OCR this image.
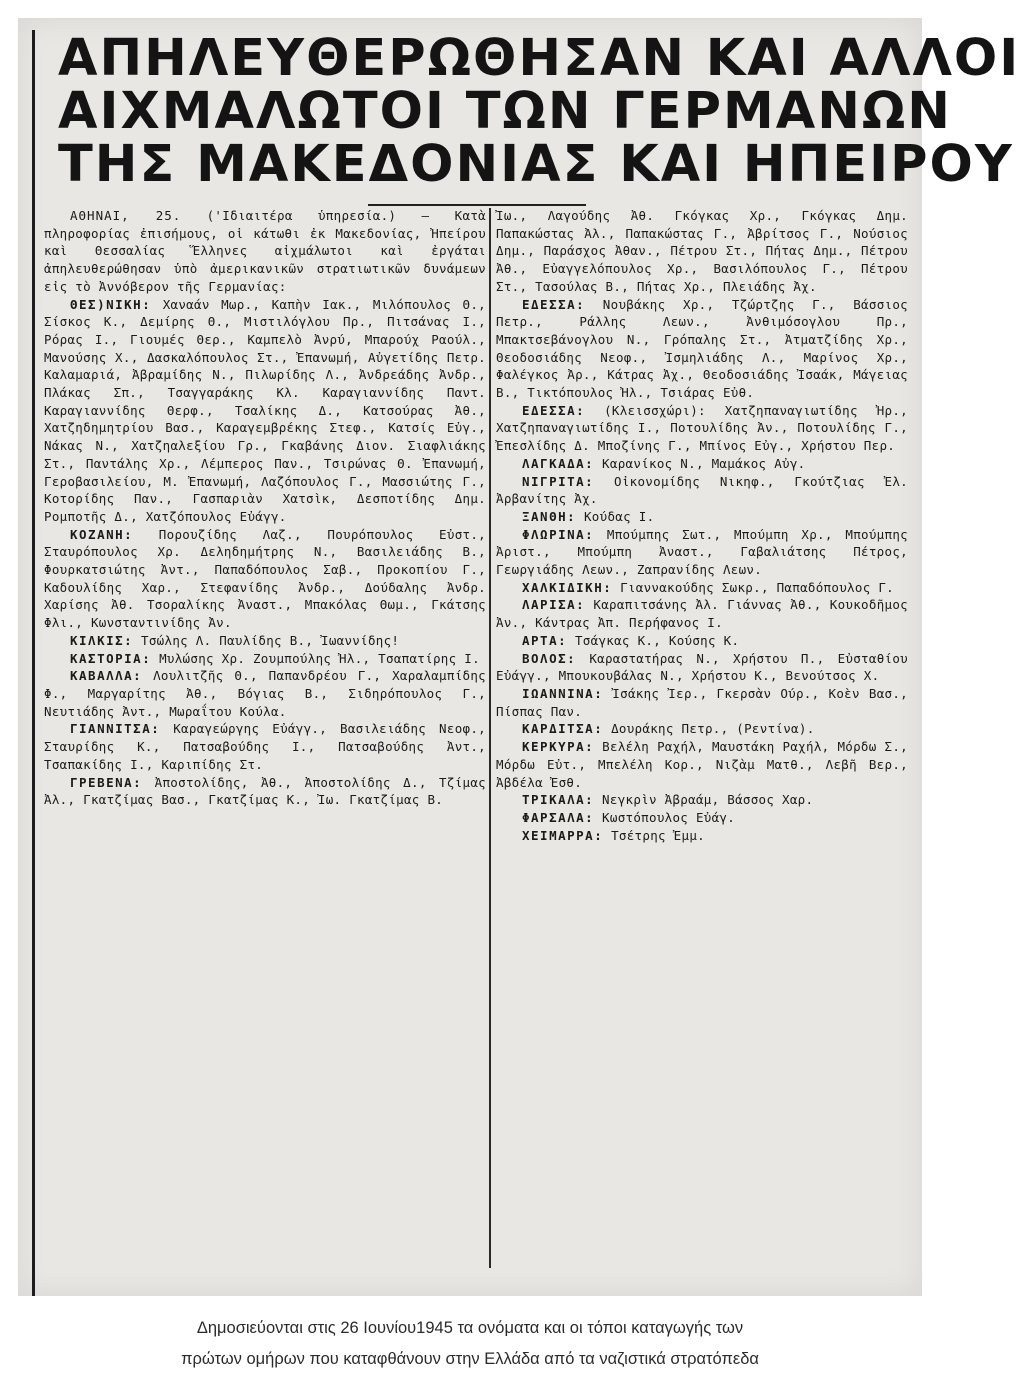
ΑΠΗΛΕΥΘΕΡΩΘΗΣΑΝ ΚΑΙ ΑΛΛΟΙ
ΑΙΧΜΑΛΩΤΟΙ ΤΩΝ ΓΕΡΜΑΝΩΝ
ΤΗΣ ΜΑΚΕΔΟΝΙΑΣ ΚΑΙ ΗΠΕΙΡΟΥ

ΑΘΗΝΑΙ, 25. ('Ιδιαιτέρα ὑπηρεσία.) — Κατὰ πληροφορίας ἐπισήμους, οἱ κάτωθι ἐκ Μακεδονίας, Ἠπείρου καὶ Θεσσαλίας Ἕλληνες αἰχμάλωτοι καὶ ἐργάται ἀπηλευθερώθησαν ὑπὸ ἀμερικανικῶν στρατιωτικῶν δυνάμεων εἰς τὸ Ἀννόβερον τῆς Γερμανίας:

ΘΕΣ)ΝΙΚΗ: Χαναάν Μωρ., Καπὴν Ιακ., Μιλόπουλος Θ., Σίσκος Κ., Δεμίρης Θ., Μιστιλόγλου Πρ., Πιτσάνας Ι., Ρόρας Ι., Γιουμές Θερ., Καμπελὸ Ἀνρύ, Μπαρούχ Ραούλ., Μανούσης Χ., Δασκαλόπουλος Στ., Ἐπανωμή, Αὐγετίδης Πετρ. Καλαμαριά, Ἀβραμίδης Ν., Πιλωρίδης Λ., Ἀνδρεάδης Ἀνδρ., Πλάκας Σπ., Τσαγγαράκης Κλ. Καραγιαννίδης Παντ. Καραγιαννίδης Θερφ., Τσαλίκης Δ., Κατσούρας Ἀθ., Χατζηδημητρίου Βασ., Καραγεμβρέκης Στεφ., Κατσίς Εὐγ., Νάκας Ν., Χατζηαλεξίου Γρ., Γκαβάνης Διον. Σιαφλιάκης Στ., Παντάλης Χρ., Λέμπερος Παν., Τσιρώνας Θ. Ἐπανωμή, Γεροβασιλείου, Μ. Ἐπανωμή, Λαζόπουλος Γ., Μασσιώτης Γ., Κοτορίδης Παν., Γασπαριὰν Χατσὶκ, Δεσποτίδης Δημ. Ρομποτῆς Δ., Χατζόπουλος Εὐάγγ.

ΚΟΖΑΝΗ: Πορουζίδης Λαζ., Πουρόπουλος Εὐστ., Σταυρόπουλος Χρ. Δεληδημήτρης Ν., Βασιλειάδης Β., Φουρκατσιώτης Ἀντ., Παπαδόπουλος Σαβ., Προκοπίου Γ., Καδουλίδης Χαρ., Στεφανίδης Ἀνδρ., Δούδαλης Ἀνδρ. Χαρίσης Ἀθ. Τσοραλίκης Ἀναστ., Μπακόλας Θωμ., Γκάτσης Φλι., Κωνσταντινίδης Ἀν.

ΚΙΛΚΙΣ: Τσώλης Λ. Παυλίδης Β., Ἰωαννίδης!

ΚΑΣΤΟΡΙΑ: Μυλώσης Χρ. Ζουμπούλης Ἠλ., Τσαπατίρης Ι.

ΚΑΒΑΛΛΑ: Λουλιτζῆς Θ., Παπανδρέου Γ., Χαραλαμπίδης Φ., Μαργαρίτης Ἀθ., Βόγιας Β., Σιδηρόπουλος Γ., Νευτιάδης Ἀντ., Μωραΐτου Κούλα.

ΓΙΑΝΝΙΤΣΑ: Καραγεώργης Εὐάγγ., Βασιλειάδης Νεοφ., Σταυρίδης Κ., Πατσαβούδης Ι., Πατσαβούδης Ἀντ., Τσαπακίδης Ι., Καριπίδης Στ.

ΓΡΕΒΕΝΑ: Ἀποστολίδης, Ἀθ., Ἀποστολίδης Δ., Τζίμας Ἀλ., Γκατζίμας Βασ., Γκατζίμας Κ., Ἰω. Γκατζίμας Β.

Ἰω., Λαγούδης Ἀθ. Γκόγκας Χρ., Γκόγκας Δημ. Παπακώστας Ἀλ., Παπακώστας Γ., Ἀβρίτσος Γ., Νούσιος Δημ., Παράσχος Ἀθαν., Πέτρου Στ., Πήτας Δημ., Πέτρου Ἀθ., Εὐαγγελόπουλος Χρ., Βασιλόπουλος Γ., Πέτρου Στ., Τασούλας Β., Πήτας Χρ., Πλειάδης Ἀχ.

ΕΔΕΣΣΑ: Νουβάκης Χρ., Τζώρτζης Γ., Βάσσιος Πετρ., Ράλλης Λεων., Ἀνθιμόσογλου Πρ., Μπακτσεβάνογλου Ν., Γρόπαλης Στ., Ἀτματζίδης Χρ., Θεοδοσιάδης Νεοφ., Ἰσμηλιάδης Λ., Μαρίνος Χρ., Φαλέγκος Ἀρ., Κάτρας Ἀχ., Θεοδοσιάδης Ἰσαάκ, Μάγειας Β., Τικτόπουλος Ἠλ., Τσιάρας Εὐθ.

ΕΔΕΣΣΑ: (Κλεισσχώρι): Χατζηπαναγιωτίδης Ἠρ., Χατζηπαναγιωτίδης Ι., Ποτουλίδης Ἀν., Ποτουλίδης Γ., Ἐπεσλίδης Δ. Μποζίνης Γ., Μπίνος Εὐγ., Χρήστου Περ.

ΛΑΓΚΑΔΑ: Καρανίκος Ν., Μαμάκος Αὐγ.

ΝΙΓΡΙΤΑ: Οἰκονομίδης Νικηφ., Γκούτζιας Ἐλ. Ἀρβανίτης Ἀχ.

ΞΑΝΘΗ: Κούδας Ι.

ΦΛΩΡΙΝΑ: Μπούμπης Σωτ., Μπούμπη Χρ., Μπούμπης Ἀριστ., Μπούμπη Ἀναστ., Γαβαλιάτσης Πέτρος, Γεωργιάδης Λεων., Ζαπρανίδης Λεων.

ΧΑΛΚΙΔΙΚΗ: Γιαννακούδης Σωκρ., Παπαδόπουλος Γ.

ΛΑΡΙΣΑ: Καραπιτσάνης Ἀλ. Γιάννας Ἀθ., Κουκοδῆμος Ἀν., Κάντρας Ἀπ. Περήφανος Ι.

ΑΡΤΑ: Τσάγκας Κ., Κούσης Κ.

ΒΟΛΟΣ: Καραστατήρας Ν., Χρήστου Π., Εὐσταθίου Εὐάγγ., Μπουκουβάλας Ν., Χρήστου Κ., Βενούτσος Χ.

ΙΩΑΝΝΙΝΑ: Ἰσάκης Ἰερ., Γκερσὰν Ούρ., Κοὲν Βασ., Πίσπας Παν.

ΚΑΡΔΙΤΣΑ: Δουράκης Πετρ., (Ρεντίνα).

ΚΕΡΚΥΡΑ: Βελέλη Ραχήλ, Μαυστάκη Ραχήλ, Μόρδω Σ., Μόρδω Εὐτ., Μπελέλη Κορ., Νιζὰμ Ματθ., Λεβῆ Βερ., Ἀβδέλα Ἐσθ.

ΤΡΙΚΑΛΑ: Νεγκρὶν Ἀβραάμ, Βάσσος Χαρ.

ΦΑΡΣΑΛΑ: Κωστόπουλος Εὐάγ.

ΧΕΙΜΑΡΡΑ: Τσέτρης Ἐμμ.

Δημοσιεύονται στις 26 Ιουνίου1945 τα ονόματα και οι τόποι καταγωγής των
πρώτων ομήρων που καταφθάνουν στην Ελλάδα από τα ναζιστικά στρατόπεδα
